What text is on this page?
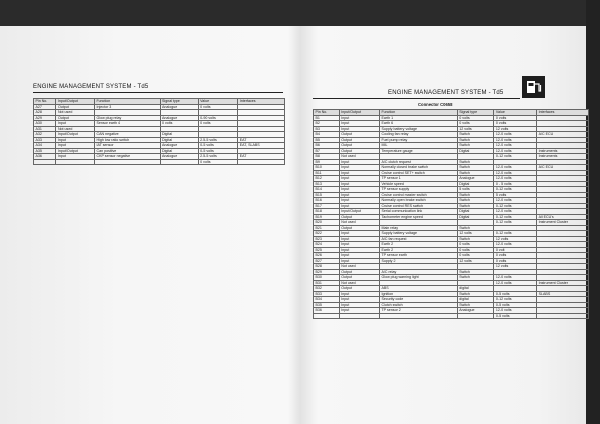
ENGINE MANAGEMENT SYSTEM - Td5
Pin No.	Input/Output	Function	Signal type	Value	Interfaces
A27	Output	Injector 3	Analogue	0 volts	
A28	Not used				
A29	Output	Glow plug relay	Analogue	0-90 volts	
A30	Input	Sensor earth 4	0 volts	0 volts	
A31	Not used				
A32	Input/Output	CAN negative	Digital		
A33	Input	High low ratio switch	Digital	2.5-5 volts	EAT
A34	Input	IAT sensor	Analogue	0-5 volts	EAT, SLABS
A35	Input/Output	Can positive	Digital	0-5 volts	
A36	Input	CKP sensor negative	Analogue	2.5-5 volts	EAT
				0 volts	
ENGINE MANAGEMENT SYSTEM - Td5
Connector C0658
Pin No.	Input/Output	Function	Signal type	Value	Interfaces
B1	Input	Earth 1	0 volts	0 volts	
B2	Input	Earth 6	0 volts	0 volts	
B3	Input	Supply battery voltage	12 volts	12 volts	
B4	Output	Cooling fan relay	Switch	12-0 volts	A/C ECU
B5	Output	Fuel pump relay	Switch	12-0 volts	
B6	Output	MIL	Switch	12-0 volts	
B7	Output	Temperature gauge	Digital	12-0 volts	Instruments
B8	Not used			0-12 volts	Instruments
B9	Input	A/C clutch request	Switch		
B10	Input	Normally closed brake switch	Switch	12-0 volts	A/C ECU
B11	Input	Cruise control SET+ switch	Switch	12-0 volts	
B12	Input	TP sensor 1	Analogue	12-0 volts	
B13	Input	Vehicle speed	Digital	0 - 5 volts	
B14	Input	TP sensor supply	5 volts	0-12 volts	
B15	Input	Cruise control master switch	Switch	5 volts	
B16	Input	Normally open brake switch	Switch	12-0 volts	
B17	Input	Cruise control RES switch	Switch	0-12 volts	
B18	Input/Output	Serial communication link	Digital	12-0 volts	
B19	Output	Tachometer engine speed	Digital	0-12 volts	All ECU's
B20	Not used			0-12 volts	Instrument Cluster
B21	Output	Main relay	Switch		
B22	Input	Supply battery voltage	12 volts	0-12 volts	
B23	Input	A/C fan request	Switch	12 volts	
B24	Input	Earth 2	0 volts	12-0 volts	
B25	Input	Earth 2	0 volts	0 volt	
B26	Input	TP sensor earth	0 volts	0 volts	
B27	Input	Supply 2	12 volts	0 volts	
B28	Not used			12 volts	
B29	Output	A/C relay	Switch		
B30	Output	Glow plug warning light	Switch	12-0 volts	
B31	Not used			12-0 volts	Instrument Cluster
B32	Output	ABS	digital		
B33	Input	Ignition	Switch	0-5 volts	SLABS
B34	Input	Security code	digital	0-12 volts	
B35	Input	Clutch switch	Switch	0-5 volts	
B36	Input	TP sensor 2	Analogue	12-0 volts	
				0-5 volts	
